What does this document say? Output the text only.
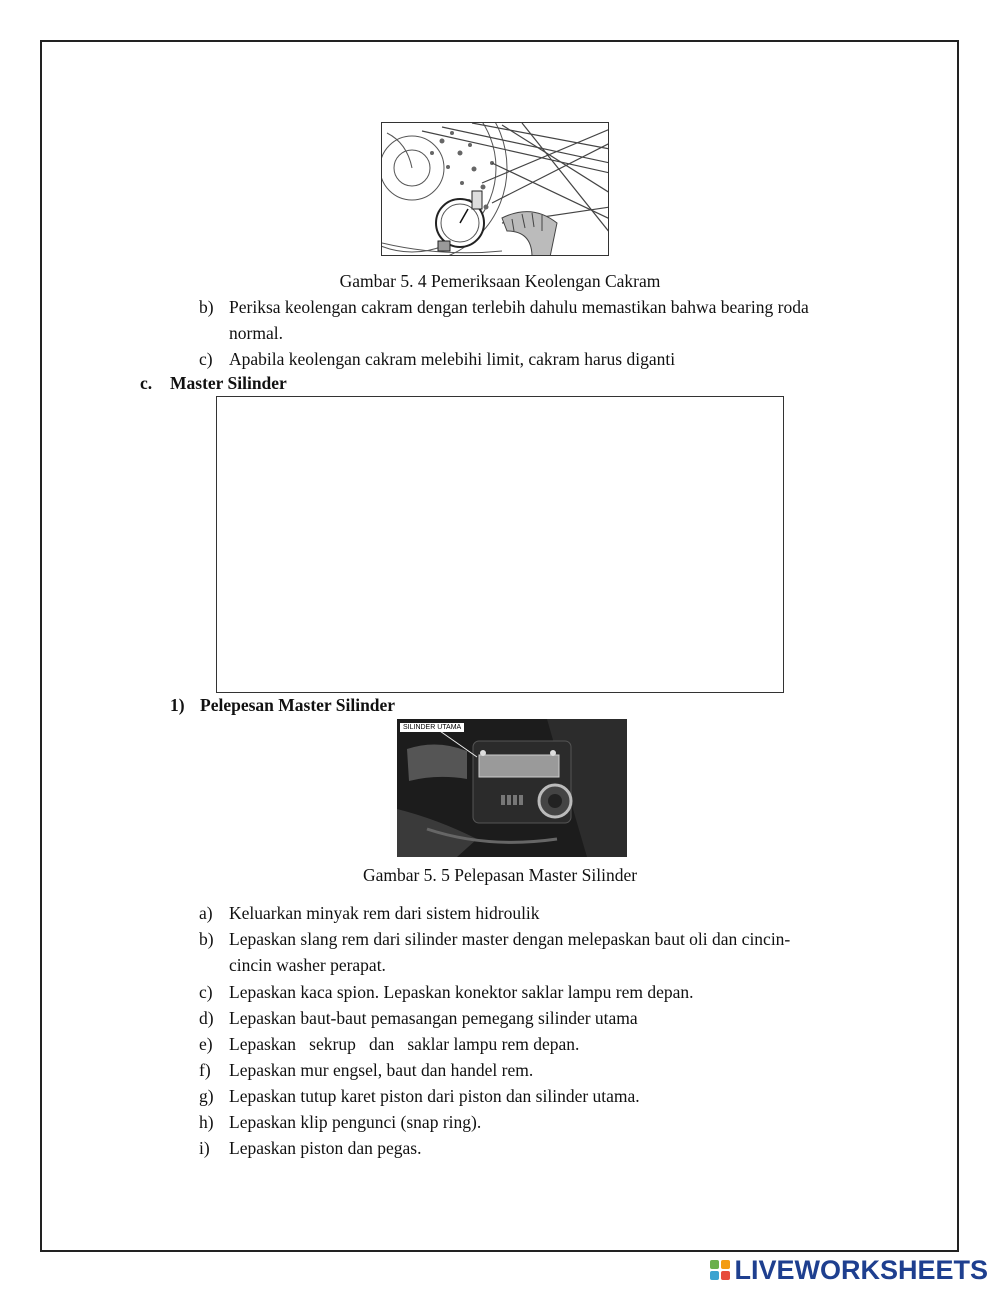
Gambar 5. 4 Pemeriksaan Keolengan Cakram
b) Periksa keolengan cakram dengan terlebih dahulu memastikan bahwa bearing roda
normal.
c) Apabila keolengan cakram melebihi limit, cakram harus diganti
c. Master Silinder
1) Pelepesan Master Silinder
SILINDER UTAMA
Gambar 5. 5 Pelepasan Master Silinder
a) Keluarkan minyak rem dari sistem hidroulik
b) Lepaskan slang rem dari silinder master dengan melepaskan baut oli dan cincin-
cincin washer perapat.
c) Lepaskan kaca spion. Lepaskan konektor saklar lampu rem depan.
d) Lepaskan baut-baut pemasangan pemegang silinder utama
e) Lepaskan   sekrup   dan   saklar lampu rem depan.
f)	Lepaskan mur engsel, baut dan handel rem.
g) Lepaskan tutup karet piston dari piston dan silinder utama.
h) Lepaskan klip pengunci (snap ring).
i)	Lepaskan piston dan pegas.
LIVEWORKSHEETS
